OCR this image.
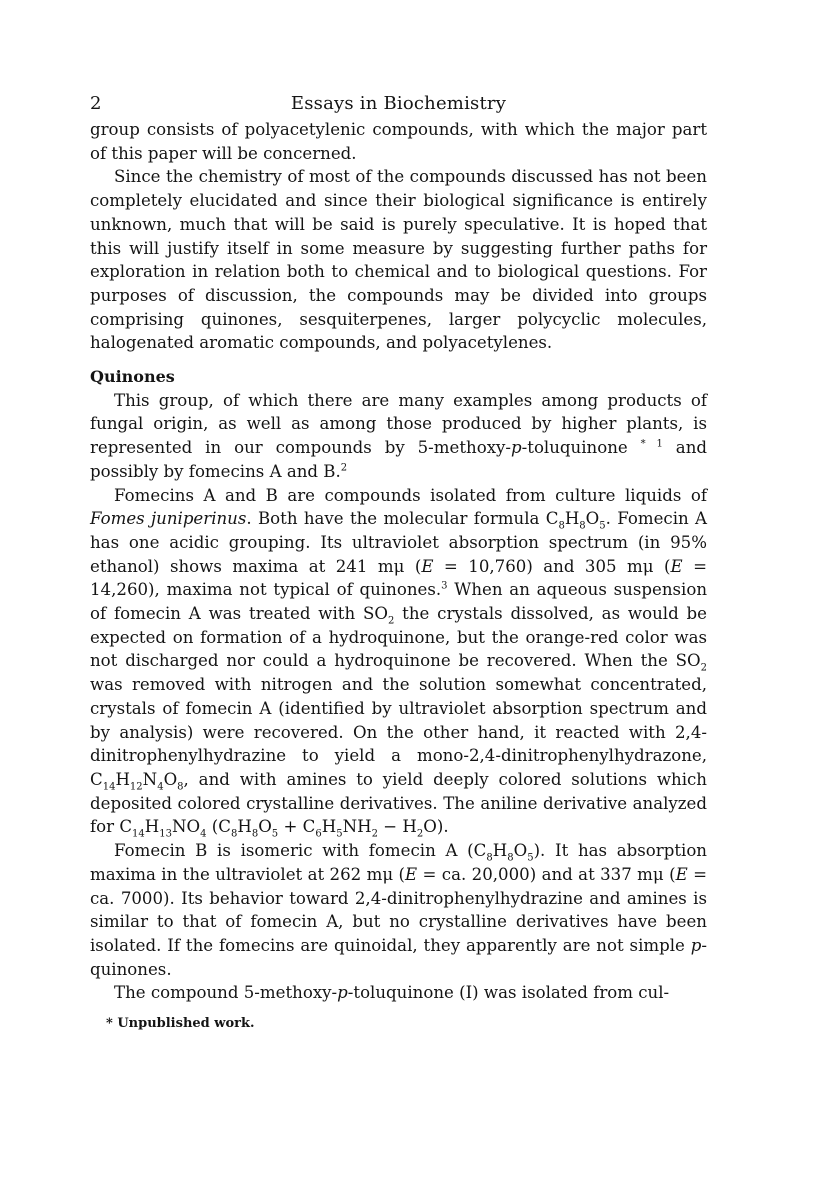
2	Essays in Biochemistry

group consists of polyacetylenic compounds, with which the major part of this paper will be concerned.

Since the chemistry of most of the compounds discussed has not been completely elucidated and since their biological significance is entirely unknown, much that will be said is purely speculative. It is hoped that this will justify itself in some measure by suggesting further paths for exploration in relation both to chemical and to biological questions. For purposes of discussion, the compounds may be divided into groups comprising quinones, sesquiterpenes, larger polycyclic molecules, halogenated aromatic compounds, and polyacetylenes.

Quinones

This group, of which there are many examples among products of fungal origin, as well as among those produced by higher plants, is represented in our compounds by 5-methoxy-p-toluquinone $^{* 1}$ and possibly by fomecins A and B.$^2$

Fomecins A and B are compounds isolated from culture liquids of Fomes juniperinus. Both have the molecular formula $C_8H_8O_5$. Fomecin A has one acidic grouping. Its ultraviolet absorption spectrum (in 95% ethanol) shows maxima at 241 mμ (E = 10,760) and 305 mμ (E = 14,260), maxima not typical of quinones.$^3$ When an aqueous suspension of fomecin A was treated with $SO_2$ the crystals dissolved, as would be expected on formation of a hydroquinone, but the orange-red color was not discharged nor could a hydroquinone be recovered. When the $SO_2$ was removed with nitrogen and the solution somewhat concentrated, crystals of fomecin A (identified by ultraviolet absorption spectrum and by analysis) were recovered. On the other hand, it reacted with 2,4-dinitrophenylhydrazine to yield a mono-2,4-dinitrophenylhydrazone, $C_{14}H_{12}N_4O_8$, and with amines to yield deeply colored solutions which deposited colored crystalline derivatives. The aniline derivative analyzed for $C_{14}H_{13}NO_4$ $(C_8H_8O_5 + C_6H_5NH_2 - H_2O)$.

Fomecin B is isomeric with fomecin A $(C_8H_8O_5)$. It has absorption maxima in the ultraviolet at 262 mμ (E = ca. 20,000) and at 337 mμ (E = ca. 7000). Its behavior toward 2,4-dinitrophenylhydrazine and amines is similar to that of fomecin A, but no crystalline derivatives have been isolated. If the fomecins are quinoidal, they apparently are not simple p-quinones.

The compound 5-methoxy-p-toluquinone (I) was isolated from cul-

* Unpublished work.
